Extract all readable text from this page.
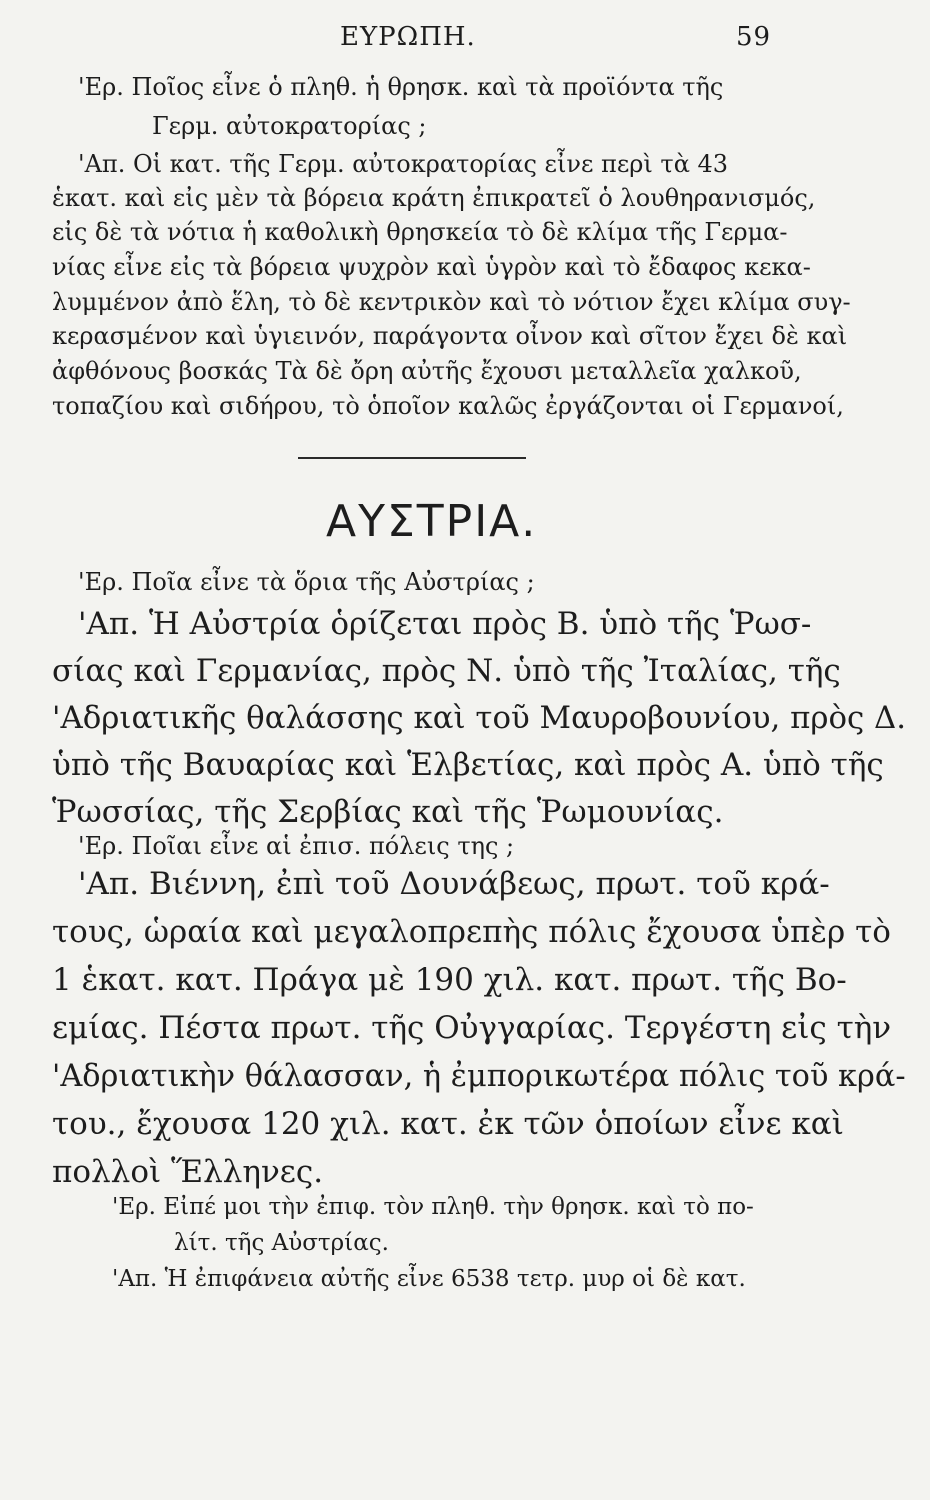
ΕΥΡΩΠΗ.	59
'Ερ. Ποῖος εἶνε ὁ πληθ. ἡ θρησκ. καὶ τὰ προϊόντα τῆς
Γερμ. αὐτοκρατορίας ;
'Απ. Οἱ κατ. τῆς Γερμ. αὐτοκρατορίας εἶνε περὶ τὰ 43
ἑκατ. καὶ εἰς μὲν τὰ βόρεια κράτη ἐπικρατεῖ ὁ λουθηρανισμός,
εἰς δὲ τὰ νότια ἡ καθολικὴ θρησκεία τὸ δὲ κλίμα τῆς Γερμα-
νίας εἶνε εἰς τὰ βόρεια ψυχρὸν καὶ ὑγρὸν καὶ τὸ ἔδαφος κεκα-
λυμμένον ἀπὸ ἕλη, τὸ δὲ κεντρικὸν καὶ τὸ νότιον ἔχει κλίμα συγ-
κερασμένον καὶ ὑγιεινόν, παράγοντα οἶνον καὶ σῖτον ἔχει δὲ καὶ
ἀφθόνους βοσκάς Τὰ δὲ ὄρη αὐτῆς ἔχουσι μεταλλεῖα χαλκοῦ,
τοπαζίου καὶ σιδήρου, τὸ ὁποῖον καλῶς ἐργάζονται οἱ Γερμανοί,
ΑΥΣΤΡΙΑ.
'Ερ. Ποῖα εἶνε τὰ ὅρια τῆς Αὐστρίας ;
'Απ. Ἡ Αὐστρία ὁρίζεται πρὸς Β. ὑπὸ τῆς Ῥωσ-
σίας καὶ Γερμανίας, πρὸς Ν. ὑπὸ τῆς Ἰταλίας, τῆς
'Αδριατικῆς θαλάσσης καὶ τοῦ Μαυροβουνίου, πρὸς Δ.
ὑπὸ τῆς Βαυαρίας καὶ Ἑλβετίας, καὶ πρὸς Α. ὑπὸ τῆς
Ῥωσσίας, τῆς Σερβίας καὶ τῆς Ῥωμουνίας.
'Ερ. Ποῖαι εἶνε αἱ ἐπισ. πόλεις της ;
'Απ. Βιέννη, ἐπὶ τοῦ Δουνάβεως, πρωτ. τοῦ κρά-
τους, ὡραία καὶ μεγαλοπρεπὴς πόλις ἔχουσα ὑπὲρ τὸ
1 ἑκατ. κατ. Πράγα μὲ 190 χιλ. κατ. πρωτ. τῆς Βο-
εμίας. Πέστα πρωτ. τῆς Οὐγγαρίας. Τεργέστη εἰς τὴν
'Αδριατικὴν θάλασσαν, ἡ ἐμπορικωτέρα πόλις τοῦ κρά-
του., ἔχουσα 120 χιλ. κατ. ἐκ τῶν ὁποίων εἶνε καὶ
πολλοὶ Ἕλληνες.
'Ερ. Εἰπέ μοι τὴν ἐπιφ. τὸν πληθ. τὴν θρησκ. καὶ τὸ πο-
λίτ. τῆς Αὐστρίας.
'Απ. Ἡ ἐπιφάνεια αὐτῆς εἶνε 6538 τετρ. μυρ οἱ δὲ κατ.
